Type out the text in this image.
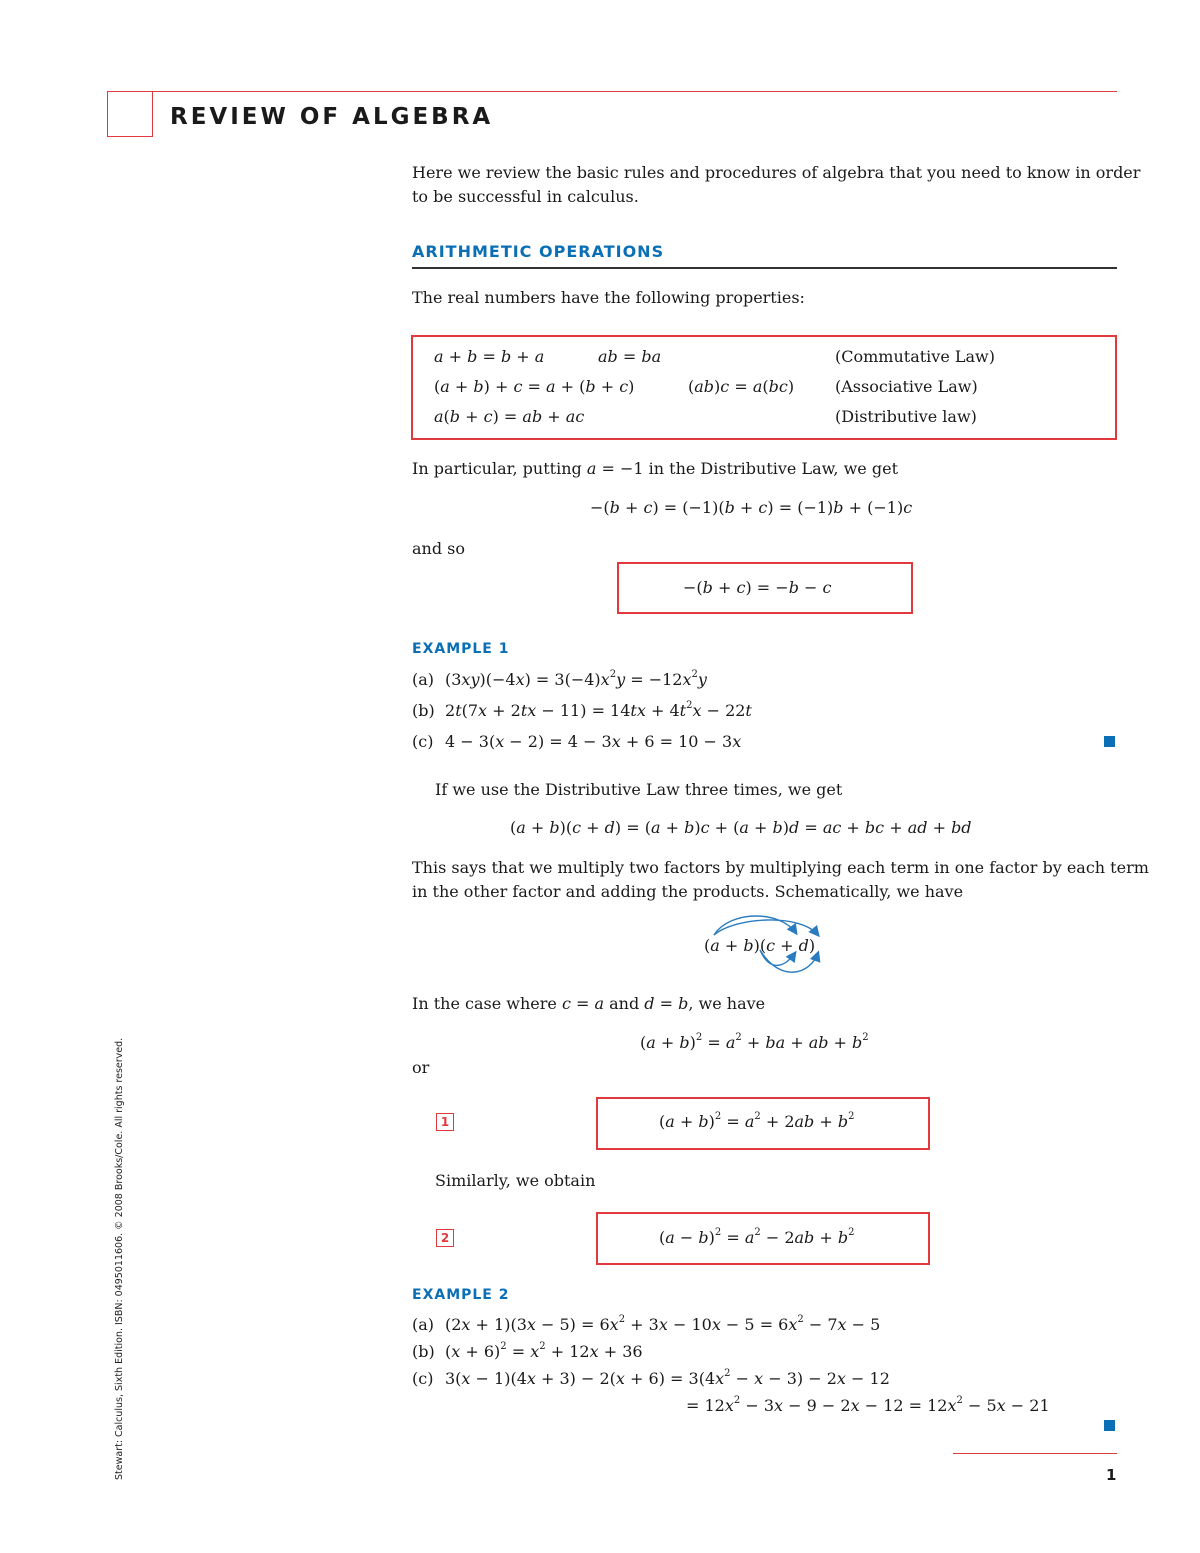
REVIEW OF ALGEBRA
Here we review the basic rules and procedures of algebra that you need to know in order
to be successful in calculus.
ARITHMETIC OPERATIONS
The real numbers have the following properties:
a + b = b + a	ab = ba	(Commutative Law)
(a + b) + c = a + (b + c)	(ab)c = a(bc)	(Associative Law)
a(b + c) = ab + ac	(Distributive law)
In particular, putting a = −1 in the Distributive Law, we get
−(b + c) = (−1)(b + c) = (−1)b + (−1)c
and so
−(b + c) = −b − c
EXAMPLE 1
(a) $(3xy)(-4x) = 3(-4)x^2y = -12x^2y$
(b) $2t(7x + 2tx - 11) = 14tx + 4t^2x - 22t$
(c) 4 − 3(x − 2) = 4 − 3x + 6 = 10 − 3x
If we use the Distributive Law three times, we get
(a + b)(c + d) = (a + b)c + (a + b)d = ac + bc + ad + bd
This says that we multiply two factors by multiplying each term in one factor by each term
in the other factor and adding the products. Schematically, we have
(a + b)(c + d)
In the case where c = a and d = b, we have
$(a + b)^2 = a^2$ + ba + ab + $b^2$
or
1	$(a + b)^2 = a^2 + 2ab + b^2$
Similarly, we obtain
2	$(a - b)^2 = a^2 - 2ab + b^2$
EXAMPLE 2
(a) $(2x + 1)(3x - 5) = 6x^2 + 3x - 10x - 5 = 6x^2 - 7x - 5$
(b) $(x + 6)^2 = x^2 + 12x + 36$
(c) $3(x - 1)(4x + 3) - 2(x + 6) = 3(4x^2 - x - 3) - 2x - 12$
= $12x^2 - 3x - 9 - 2x - 12 = 12x^2 - 5x - 21$
1
Stewart: Calculus, Sixth Edition. ISBN: 0495011606. © 2008 Brooks/Cole. All rights reserved.
